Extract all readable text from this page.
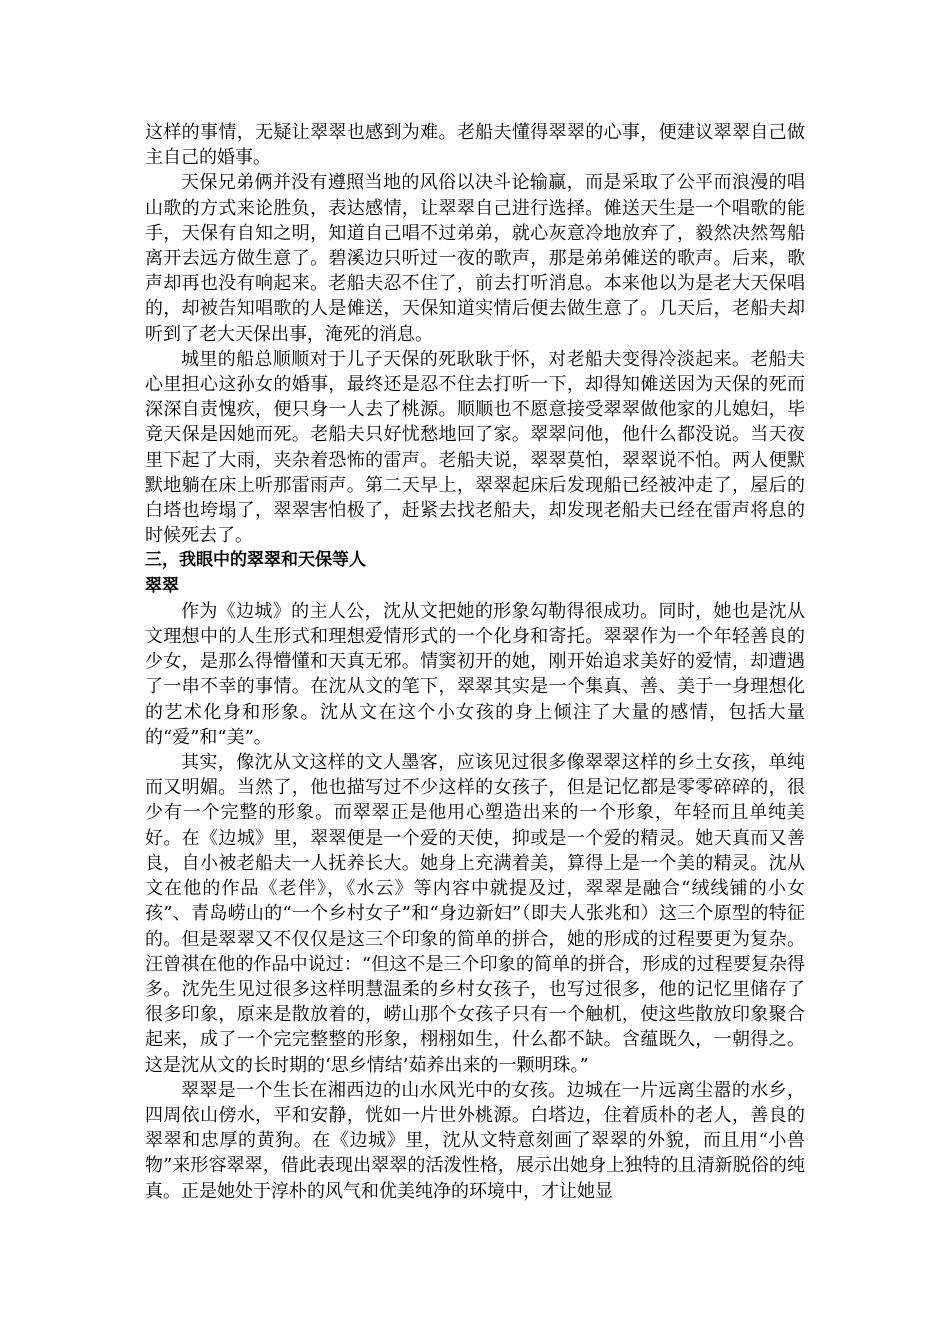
这样的事情，无疑让翠翠也感到为难。老船夫懂得翠翠的心事，便建议翠翠自己做主自己的婚事。

天保兄弟俩并没有遵照当地的风俗以决斗论输赢，而是采取了公平而浪漫的唱山歌的方式来论胜负，表达感情，让翠翠自己进行选择。傩送天生是一个唱歌的能手，天保有自知之明，知道自己唱不过弟弟，就心灰意冷地放弃了，毅然决然驾船离开去远方做生意了。碧溪边只听过一夜的歌声，那是弟弟傩送的歌声。后来，歌声却再也没有响起来。老船夫忍不住了，前去打听消息。本来他以为是老大天保唱的，却被告知唱歌的人是傩送，天保知道实情后便去做生意了。几天后，老船夫却听到了老大天保出事，淹死的消息。

城里的船总顺顺对于儿子天保的死耿耿于怀，对老船夫变得冷淡起来。老船夫心里担心这孙女的婚事，最终还是忍不住去打听一下，却得知傩送因为天保的死而深深自责愧疚，便只身一人去了桃源。顺顺也不愿意接受翠翠做他家的儿媳妇，毕竟天保是因她而死。老船夫只好忧愁地回了家。翠翠问他，他什么都没说。当天夜里下起了大雨，夹杂着恐怖的雷声。老船夫说，翠翠莫怕，翠翠说不怕。两人便默默地躺在床上听那雷雨声。第二天早上，翠翠起床后发现船已经被冲走了，屋后的白塔也垮塌了，翠翠害怕极了，赶紧去找老船夫，却发现老船夫已经在雷声将息的时候死去了。

三，我眼中的翠翠和天保等人
翠翠

作为《边城》的主人公，沈从文把她的形象勾勒得很成功。同时，她也是沈从文理想中的人生形式和理想爱情形式的一个化身和寄托。翠翠作为一个年轻善良的少女，是那么得懵懂和天真无邪。情窦初开的她，刚开始追求美好的爱情，却遭遇了一串不幸的事情。在沈从文的笔下，翠翠其实是一个集真、善、美于一身理想化的艺术化身和形象。沈从文在这个小女孩的身上倾注了大量的感情，包括大量的“爱”和“美”。

其实，像沈从文这样的文人墨客，应该见过很多像翠翠这样的乡土女孩，单纯而又明媚。当然了，他也描写过不少这样的女孩子，但是记忆都是零零碎碎的，很少有一个完整的形象。而翠翠正是他用心塑造出来的一个形象，年轻而且单纯美好。在《边城》里，翠翠便是一个爱的天使，抑或是一个爱的精灵。她天真而又善良，自小被老船夫一人抚养长大。她身上充满着美，算得上是一个美的精灵。沈从文在他的作品《老伴》，《水云》等内容中就提及过，翠翠是融合“绒线铺的小女孩”、青岛崂山的“一个乡村女子”和“身边新妇”（即夫人张兆和）这三个原型的特征的。但是翠翠又不仅仅是这三个印象的简单的拼合，她的形成的过程要更为复杂。汪曾祺在他的作品中说过：“但这不是三个印象的简单的拼合，形成的过程要复杂得多。沈先生见过很多这样明慧温柔的乡村女孩子，也写过很多，他的记忆里储存了很多印象，原来是散放着的，崂山那个女孩子只有一个触机，使这些散放印象聚合起来，成了一个完完整整的形象，栩栩如生，什么都不缺。含蕴既久，一朝得之。这是沈从文的长时期的‘思乡情结’茹养出来的一颗明珠。”

翠翠是一个生长在湘西边的山水风光中的女孩。边城在一片远离尘嚣的水乡，四周依山傍水，平和安静，恍如一片世外桃源。白塔边，住着质朴的老人，善良的翠翠和忠厚的黄狗。在《边城》里，沈从文特意刻画了翠翠的外貌，而且用“小兽物”来形容翠翠，借此表现出翠翠的活泼性格，展示出她身上独特的且清新脱俗的纯真。正是她处于淳朴的风气和优美纯净的环境中，才让她显
